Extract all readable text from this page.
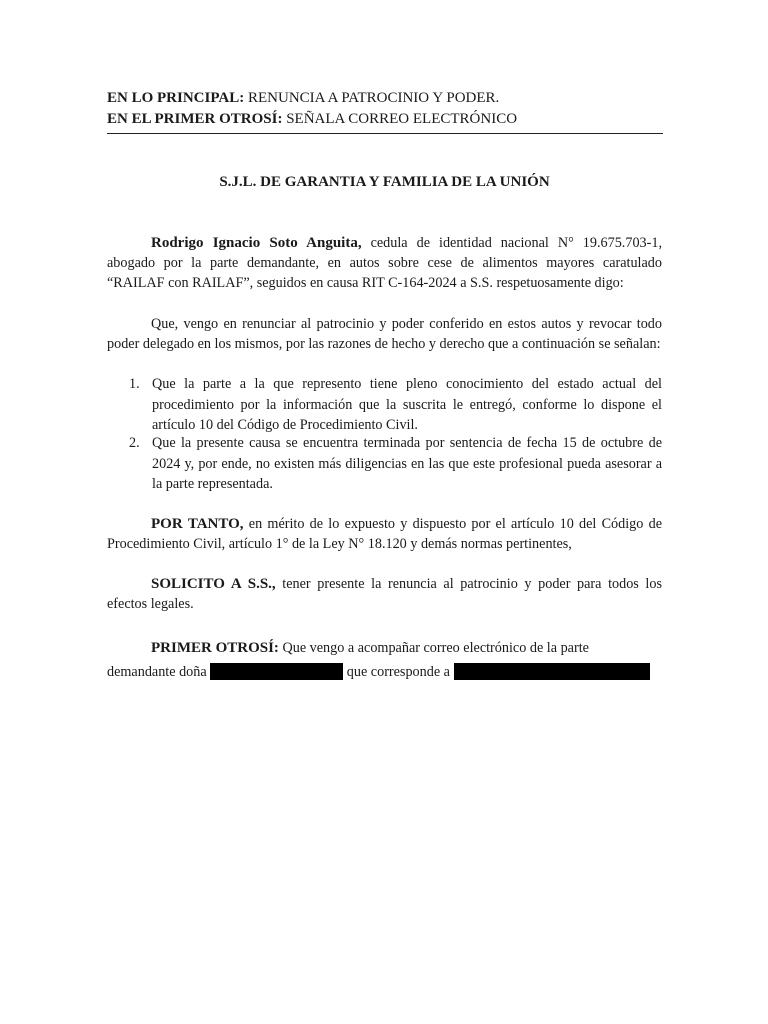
EN LO PRINCIPAL: RENUNCIA A PATROCINIO Y PODER.
EN EL PRIMER OTROSÍ: SEÑALA CORREO ELECTRÓNICO
S.J.L. DE GARANTIA Y FAMILIA DE LA UNIÓN
Rodrigo Ignacio Soto Anguita, cedula de identidad nacional N° 19.675.703-1, abogado por la parte demandante, en autos sobre cese de alimentos mayores caratulado “RAILAF con RAILAF”, seguidos en causa RIT C-164-2024 a S.S. respetuosamente digo:
Que, vengo en renunciar al patrocinio y poder conferido en estos autos y revocar todo poder delegado en los mismos, por las razones de hecho y derecho que a continuación se señalan:
1. Que la parte a la que represento tiene pleno conocimiento del estado actual del procedimiento por la información que la suscrita le entregó, conforme lo dispone el artículo 10 del Código de Procedimiento Civil.
2. Que la presente causa se encuentra terminada por sentencia de fecha 15 de octubre de 2024 y, por ende, no existen más diligencias en las que este profesional pueda asesorar a la parte representada.
POR TANTO, en mérito de lo expuesto y dispuesto por el artículo 10 del Código de Procedimiento Civil, artículo 1° de la Ley N° 18.120 y demás normas pertinentes,
SOLICITO A S.S., tener presente la renuncia al patrocinio y poder para todos los efectos legales.
PRIMER OTROSÍ: Que vengo a acompañar correo electrónico de la parte
demandante doña	que corresponde a
